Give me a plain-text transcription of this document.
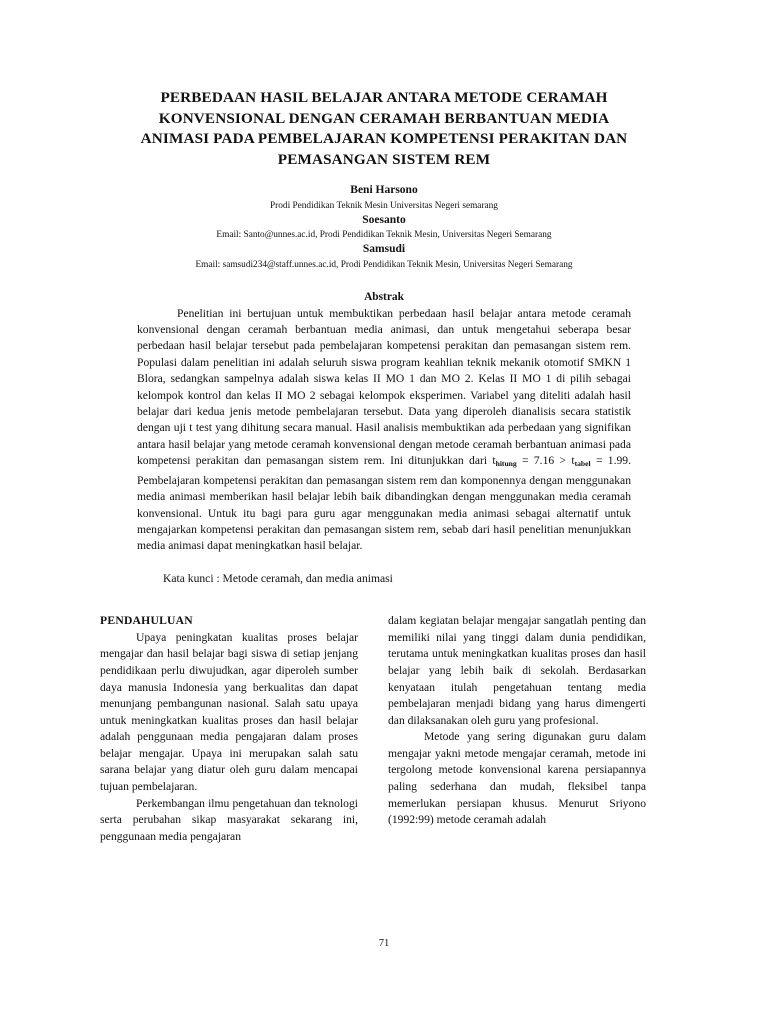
PERBEDAAN HASIL BELAJAR ANTARA METODE CERAMAH
KONVENSIONAL DENGAN CERAMAH BERBANTUAN MEDIA
ANIMASI PADA PEMBELAJARAN KOMPETENSI PERAKITAN DAN
PEMASANGAN SISTEM REM
Beni Harsono
Prodi Pendidikan Teknik Mesin Universitas Negeri semarang
Soesanto
Email: Santo@unnes.ac.id, Prodi Pendidikan Teknik Mesin, Universitas Negeri Semarang
Samsudi
Email: samsudi234@staff.unnes.ac.id, Prodi Pendidikan Teknik Mesin, Universitas Negeri Semarang
Abstrak
Penelitian ini bertujuan untuk membuktikan perbedaan hasil belajar antara metode ceramah konvensional dengan ceramah berbantuan media animasi, dan untuk mengetahui seberapa besar perbedaan hasil belajar tersebut pada pembelajaran kompetensi perakitan dan pemasangan sistem rem. Populasi dalam penelitian ini adalah seluruh siswa program keahlian teknik mekanik otomotif SMKN 1 Blora, sedangkan sampelnya adalah siswa kelas II MO 1 dan MO 2. Kelas II MO 1 di pilih sebagai kelompok kontrol dan kelas II MO 2 sebagai kelompok eksperimen. Variabel yang diteliti adalah hasil belajar dari kedua jenis metode pembelajaran tersebut. Data yang diperoleh dianalisis secara statistik dengan uji t test yang dihitung secara manual. Hasil analisis membuktikan ada perbedaan yang signifikan antara hasil belajar yang metode ceramah konvensional dengan metode ceramah berbantuan animasi pada kompetensi perakitan dan pemasangan sistem rem. Ini ditunjukkan dari $t_{hitung} = 7.16 > t_{tabel} = 1.99$. Pembelajaran kompetensi perakitan dan pemasangan sistem rem dan komponennya dengan menggunakan media animasi memberikan hasil belajar lebih baik dibandingkan dengan menggunakan media ceramah konvensional. Untuk itu bagi para guru agar menggunakan media animasi sebagai alternatif untuk mengajarkan kompetensi perakitan dan pemasangan sistem rem, sebab dari hasil penelitian menunjukkan media animasi dapat meningkatkan hasil belajar.
Kata kunci : Metode ceramah, dan media animasi
PENDAHULUAN

Upaya peningkatan kualitas proses belajar mengajar dan hasil belajar bagi siswa di setiap jenjang pendidikaan perlu diwujudkan, agar diperoleh sumber daya manusia Indonesia yang berkualitas dan dapat menunjang pembangunan nasional. Salah satu upaya untuk meningkatkan kualitas proses dan hasil belajar adalah penggunaan media pengajaran dalam proses belajar mengajar. Upaya ini merupakan salah satu sarana belajar yang diatur oleh guru dalam mencapai tujuan pembelajaran.

Perkembangan ilmu pengetahuan dan teknologi serta perubahan sikap masyarakat sekarang ini, penggunaan media pengajaran

dalam kegiatan belajar mengajar sangatlah penting dan memiliki nilai yang tinggi dalam dunia pendidikan, terutama untuk meningkatkan kualitas proses dan hasil belajar yang lebih baik di sekolah. Berdasarkan kenyataan itulah pengetahuan tentang media pembelajaran menjadi bidang yang harus dimengerti dan dilaksanakan oleh guru yang profesional.

Metode yang sering digunakan guru dalam mengajar yakni metode mengajar ceramah, metode ini tergolong metode konvensional karena persiapannya paling sederhana dan mudah, fleksibel tanpa memerlukan persiapan khusus. Menurut Sriyono (1992:99) metode ceramah adalah

71
